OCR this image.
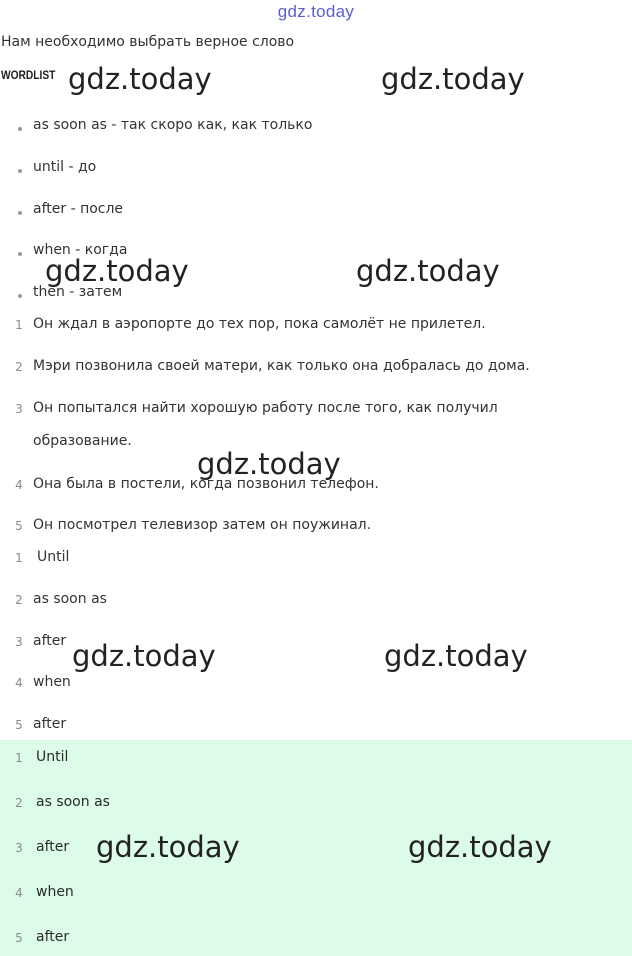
gdz.today
Нам необходимо выбрать верное слово
WORDLIST
as soon as - так скоро как, как только
until - до
after - после
when - когда
then - затем
1 Он ждал в аэропорте до тех пор, пока самолёт не прилетел.
2 Мэри позвонила своей матери, как только она добралась до дома.
3 Он попытался найти хорошую работу после того, как получил
образование.
4 Она была в постели, когда позвонил телефон.
5 Он посмотрел телевизор затем он поужинал.
1 Until
2 as soon as
3 after
4 when
5 after
1 Until
2 as soon as
3 after
4 when
5 after
gdz.today	gdz.today
gdz.today	gdz.today
gdz.today
gdz.today	gdz.today
gdz.today	gdz.today
